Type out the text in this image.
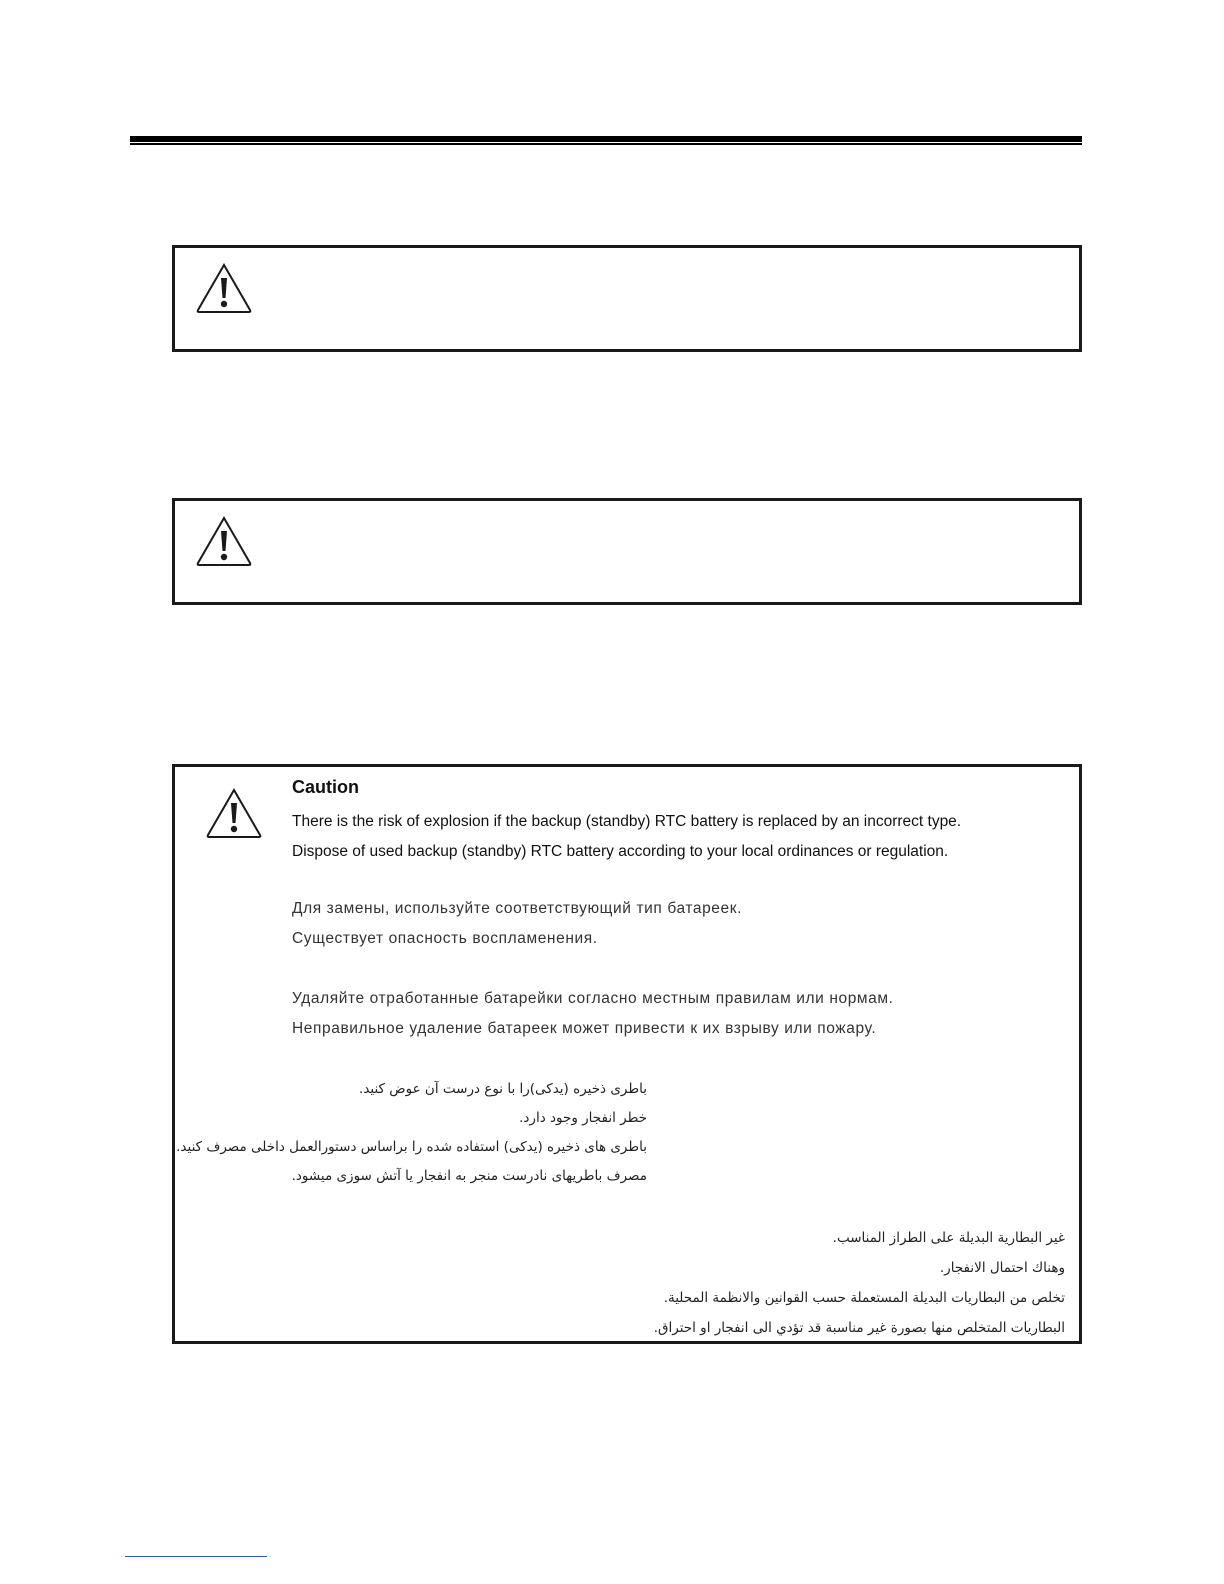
Caution

There is the risk of explosion if the backup (standby) RTC battery is replaced by an incorrect type.
Dispose of used backup (standby) RTC battery according to your local ordinances or regulation.
Для замены, используйте соответствующий тип батареек.
Существует опасность воспламенения.
Удаляйте отработанные батарейки согласно местным правилам или нормам.
Неправильное удаление батареек может привести к их взрыву или пожару.
باطری ذخیره (یدکی)را با نوع درست آن عوض کنید.
خطر انفجار وجود دارد.
باطری های ذخیره (یدکی) استفاده شده را براساس دستورالعمل داخلی مصرف کنید.
مصرف باطریهای نادرست منجر به انفجار یا آتش سوزی میشود.
غير البطارية البديلة على الطراز المناسب.
وهناك احتمال الانفجار.
تخلص من البطاريات البديلة المستعملة حسب القوانين والانظمة المحلية.
البطاريات المتخلص منها بصورة غير مناسبة قد تؤدي الى انفجار او احتراق.
